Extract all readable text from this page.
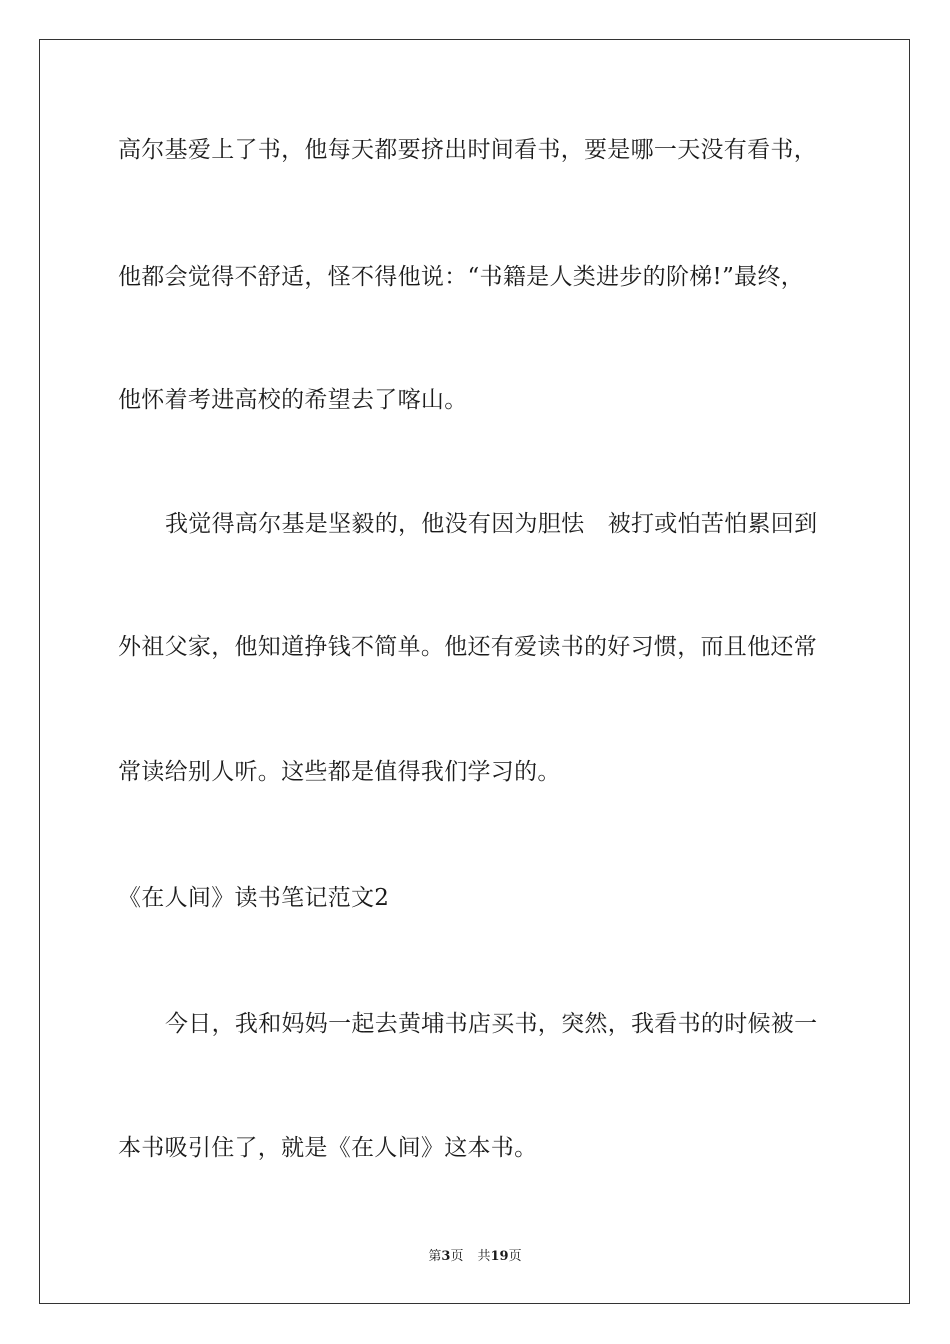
高尔基爱上了书，他每天都要挤出时间看书，要是哪一天没有看书，
他都会觉得不舒适，怪不得他说：“书籍是人类进步的阶梯!”最终，
他怀着考进高校的希望去了喀山。
我觉得高尔基是坚毅的，他没有因为胆怯　被打或怕苦怕累回到
外祖父家，他知道挣钱不简单。他还有爱读书的好习惯，而且他还常
常读给别人听。这些都是值得我们学习的。
《在人间》读书笔记范文2
今日，我和妈妈一起去黄埔书店买书，突然，我看书的时候被一
本书吸引住了，就是《在人间》这本书。
第3页 共19页
